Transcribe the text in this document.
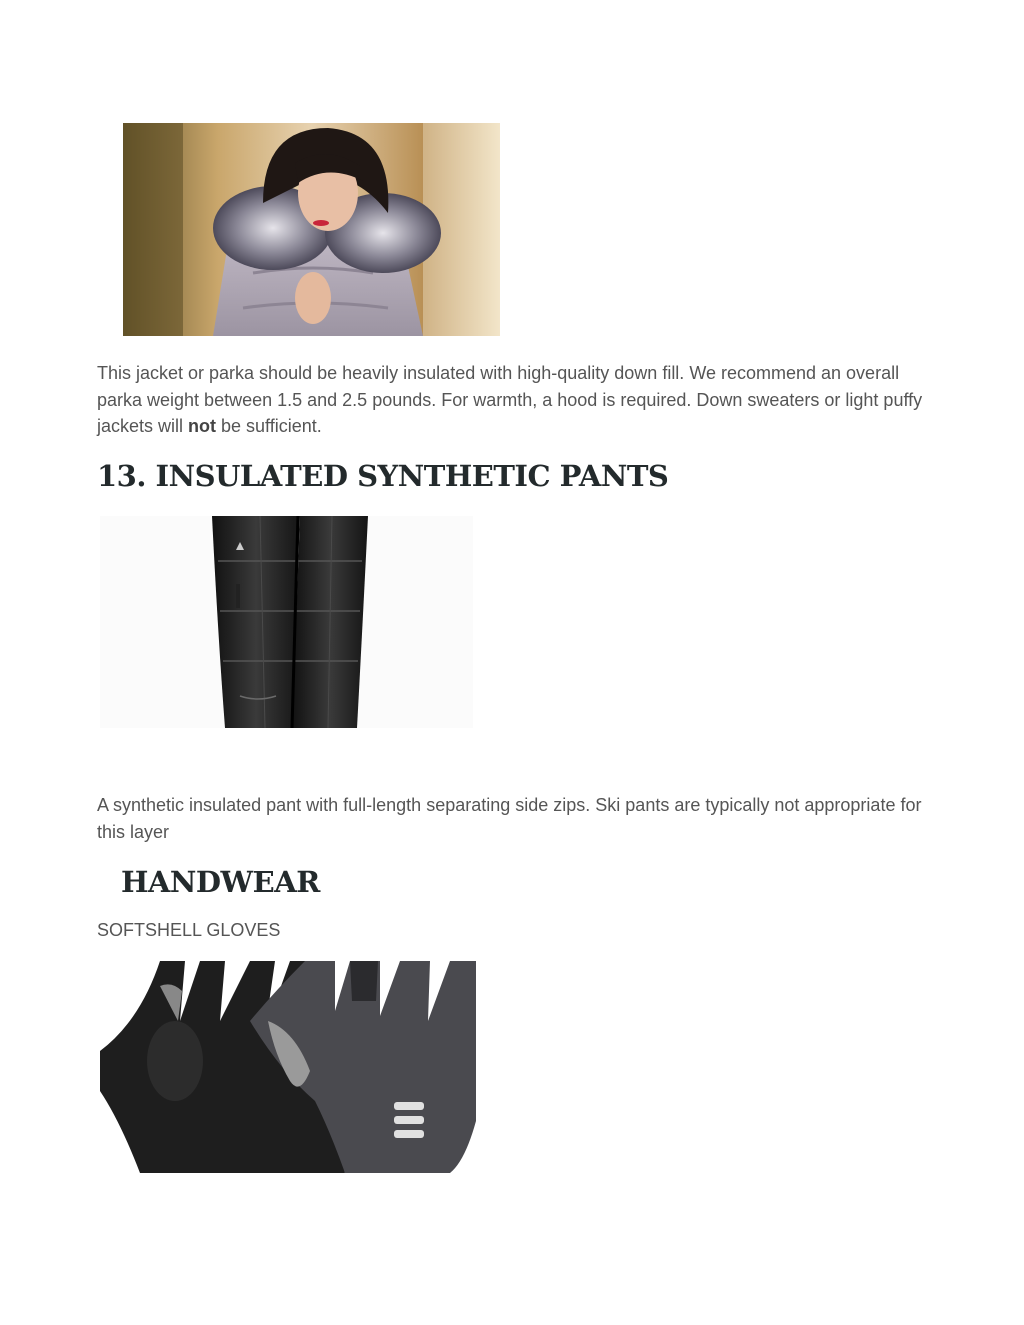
This jacket or parka should be heavily insulated with high-quality down fill. We recommend an overall parka weight between 1.5 and 2.5 pounds. For warmth, a hood is required. Down sweaters or light puffy jackets will not be sufficient.

13. INSULATED SYNTHETIC PANTS

A synthetic insulated pant with full-length separating side zips. Ski pants are typically not appropriate for this layer

HANDWEAR

SOFTSHELL GLOVES
